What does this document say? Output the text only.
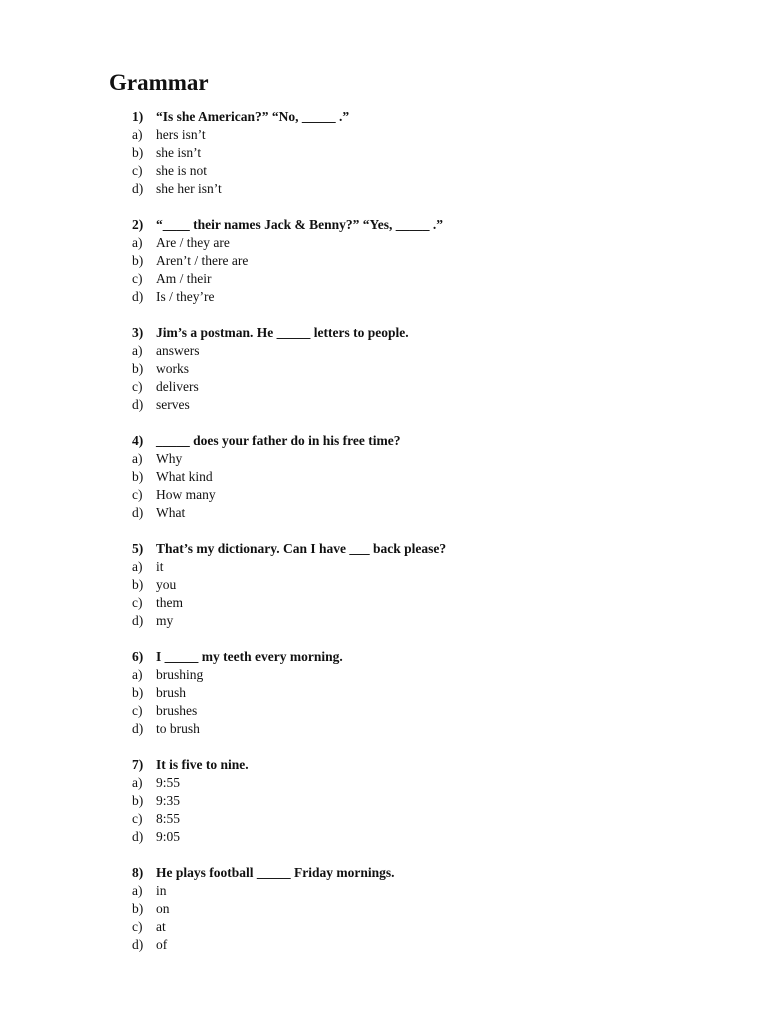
Grammar
1) “Is she American?” “No, _____ .”
a)	hers isn’t
b) she isn’t
c)	she is not
d) she her isn’t
2) “____ their names Jack & Benny?” “Yes, _____ .”
a)	Are / they are
b) Aren’t / there are
c)	Am / their
d) Is / they’re
3) Jim’s a postman. He _____ letters to people.
a)	answers
b) works
c)	delivers
d) serves
4) _____ does your father do in his free time?
a)	Why
b) What kind
c)	How many
d) What
5) That’s my dictionary. Can I have ___ back please?
a)	it
b) you
c)	them
d) my
6) I _____ my teeth every morning.
a)	brushing
b) brush
c)	brushes
d) to brush
7) It is five to nine.
a)	9:55
b) 9:35
c)	8:55
d) 9:05
8) He plays football _____ Friday mornings.
a)	in
b) on
c)	at
d) of
